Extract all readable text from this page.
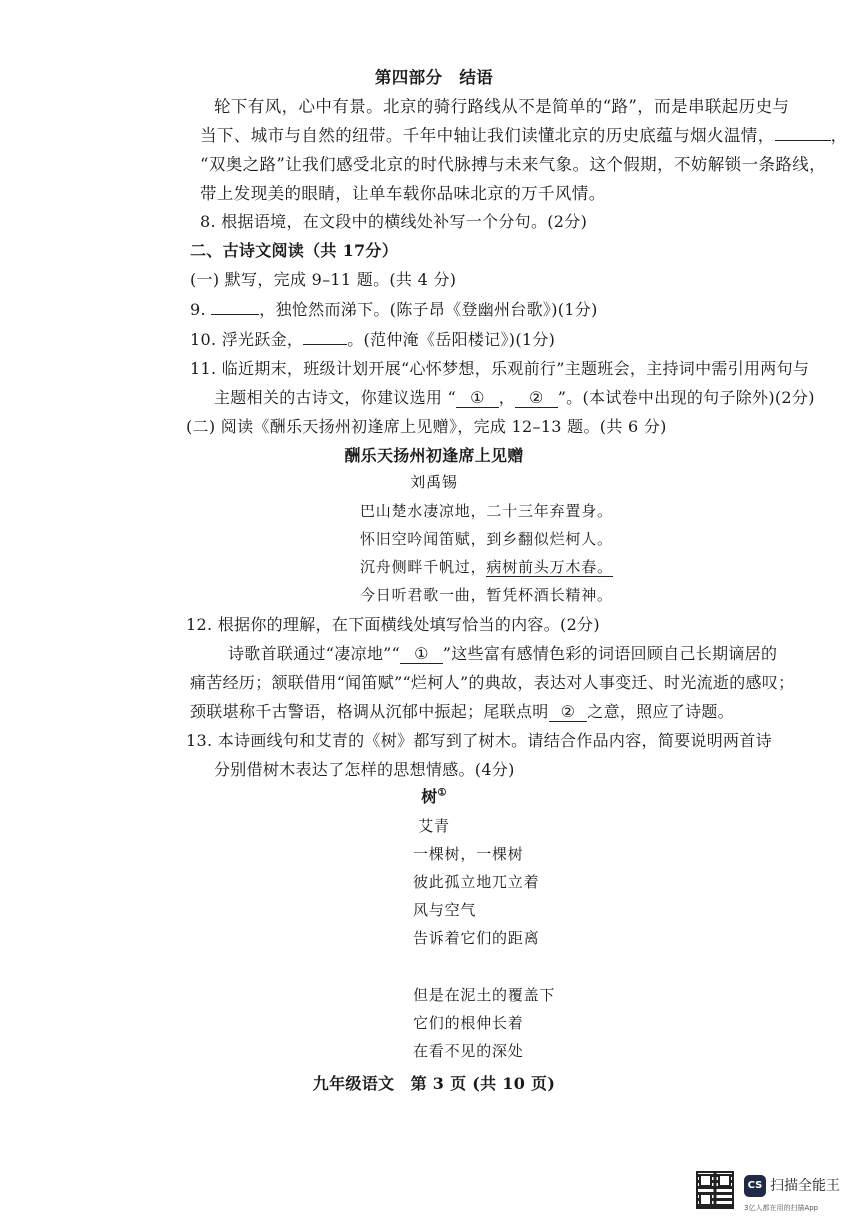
第四部分　结语
轮下有风，心中有景。北京的骑行路线从不是简单的“路”，而是串联起历史与
当下、城市与自然的纽带。千年中轴让我们读懂北京的历史底蕴与烟火温情，	，
“双奥之路”让我们感受北京的时代脉搏与未来气象。这个假期，不妨解锁一条路线，
带上发现美的眼睛，让单车载你品味北京的万千风情。
8. 根据语境，在文段中的横线处补写一个分句。(2分)
二、古诗文阅读（共 17分）
(一) 默写，完成 9–11 题。(共 4 分)
9.	，独怆然而涕下。(陈子昂《登幽州台歌》)(1分)
10. 浮光跃金，	。(范仲淹《岳阳楼记》)(1分)
11. 临近期末，班级计划开展“心怀梦想，乐观前行”主题班会，主持词中需引用两句与
主题相关的古诗文，你建议选用 “ ① ， ② ”。(本试卷中出现的句子除外)(2分)
(二) 阅读《酬乐天扬州初逢席上见赠》，完成 12–13 题。(共 6 分)
酬乐天扬州初逢席上见赠
刘禹锡
巴山楚水凄凉地，二十三年弃置身。
怀旧空吟闻笛赋，到乡翻似烂柯人。
沉舟侧畔千帆过，病树前头万木春。
今日听君歌一曲，暂凭杯酒长精神。
12. 根据你的理解，在下面横线处填写恰当的内容。(2分)
诗歌首联通过“凄凉地”“ ① ”这些富有感情色彩的词语回顾自己长期谪居的
痛苦经历；颔联借用“闻笛赋”“烂柯人”的典故，表达对人事变迁、时光流逝的感叹；
颈联堪称千古警语，格调从沉郁中振起；尾联点明 ② 之意，照应了诗题。
13. 本诗画线句和艾青的《树》都写到了树木。请结合作品内容，简要说明两首诗
分别借树木表达了怎样的思想情感。(4分)
树①
艾青
一棵树，一棵树
彼此孤立地兀立着
风与空气
告诉着它们的距离
但是在泥土的覆盖下
它们的根伸长着
在看不见的深处
九年级语文　第 3 页 (共 10 页)
CS 扫描全能王
3亿人都在用的扫描App
